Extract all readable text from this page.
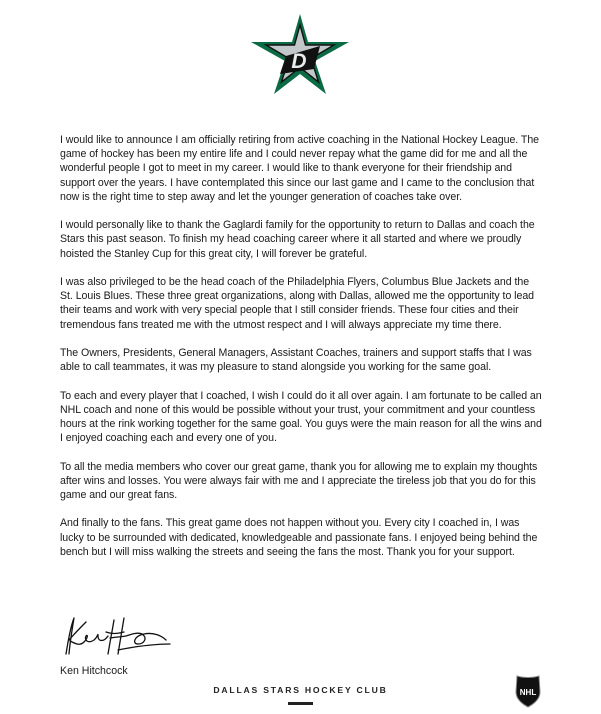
D

I would like to announce I am officially retiring from active coaching in the National Hockey League. The game of hockey has been my entire life and I could never repay what the game did for me and all the wonderful people I got to meet in my career. I would like to thank everyone for their friendship and support over the years. I have contemplated this since our last game and I came to the conclusion that now is the right time to step away and let the younger generation of coaches take over.

I would personally like to thank the Gaglardi family for the opportunity to return to Dallas and coach the Stars this past season. To finish my head coaching career where it all started and where we proudly hoisted the Stanley Cup for this great city, I will forever be grateful.

I was also privileged to be the head coach of the Philadelphia Flyers, Columbus Blue Jackets and the St. Louis Blues. These three great organizations, along with Dallas, allowed me the opportunity to lead their teams and work with very special people that I still consider friends. These four cities and their tremendous fans treated me with the utmost respect and I will always appreciate my time there.

The Owners, Presidents, General Managers, Assistant Coaches, trainers and support staffs that I was able to call teammates, it was my pleasure to stand alongside you working for the same goal.

To each and every player that I coached, I wish I could do it all over again. I am fortunate to be called an NHL coach and none of this would be possible without your trust, your commitment and your countless hours at the rink working together for the same goal. You guys were the main reason for all the wins and I enjoyed coaching each and every one of you.

To all the media members who cover our great game, thank you for allowing me to explain my thoughts after wins and losses. You were always fair with me and I appreciate the tireless job that you do for this game and our great fans.

And finally to the fans. This great game does not happen without you. Every city I coached in, I was lucky to be surrounded with dedicated, knowledgeable and passionate fans. I enjoyed being behind the bench but I will miss walking the streets and seeing the fans the most. Thank you for your support.

Ken Hitchcock
DALLAS STARS HOCKEY CLUB	NHL
